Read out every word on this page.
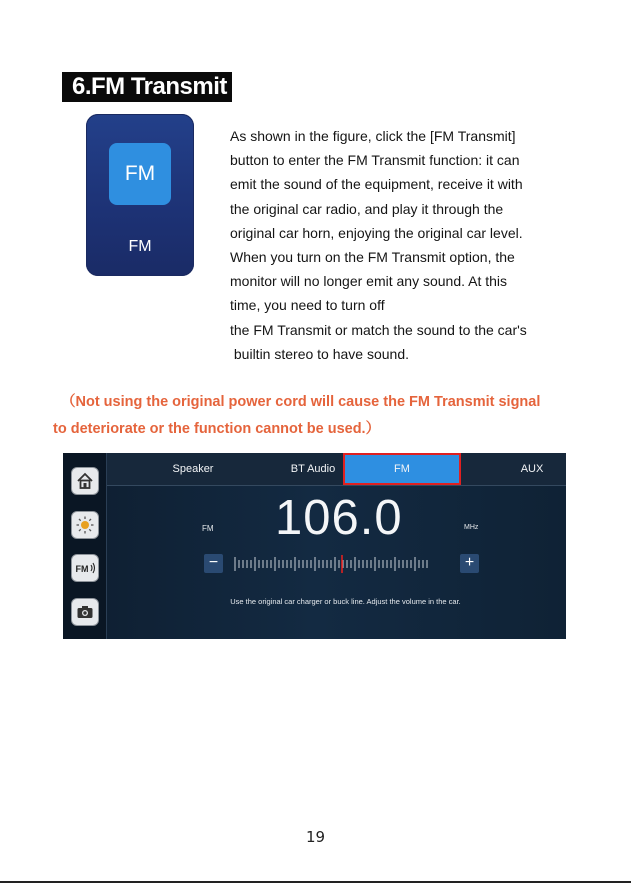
6.FM Transmit
FM
FM
As shown in the figure, click the [FM Transmit]
button to enter the FM Transmit function: it can
emit the sound of the equipment, receive it with
the original car radio, and play it through the
original car horn, enjoying the original car level.
When you turn on the FM Transmit option, the
monitor will no longer emit any sound. At this
time, you need to turn off
the FM Transmit or match the sound to the car's
builtin stereo to have sound.
（Not using the original power cord will cause the FM Transmit signal
to deteriorate or the function cannot be used.）
FM
Speaker	BT Audio	FM	AUX
FM 106.0	MHz
−	+
Use the original car charger or buck line. Adjust the volume in the car.
19
